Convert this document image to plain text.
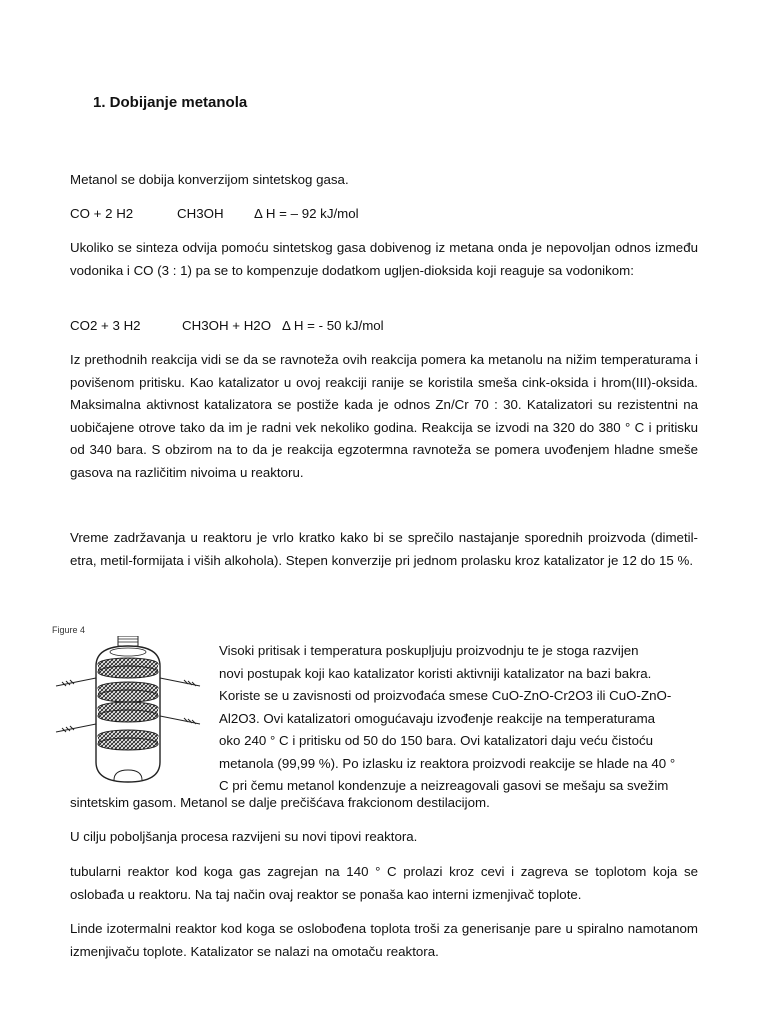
1. Dobijanje metanola

Metanol se dobija konverzijom sintetskog gasa.

CO + 2 H2	CH3OH Δ H = – 92 kJ/mol

Ukoliko se sinteza odvija pomoću sintetskog gasa dobivenog iz metana onda je nepovoljan odnos između vodonika i CO (3 : 1) pa se to kompenzuje dodatkom ugljen-dioksida koji reaguje sa vodonikom:

CO2 + 3 H2	CH3OH + H2O Δ H = - 50 kJ/mol

Iz prethodnih reakcija vidi se da se ravnoteža ovih reakcija pomera ka metanolu na nižim temperaturama i povišenom pritisku. Kao katalizator u ovoj reakciji ranije se koristila smeša cink-oksida i hrom(III)-oksida. Maksimalna aktivnost katalizatora se postiže kada je odnos Zn/Cr 70 : 30. Katalizatori su rezistentni na uobičajene otrove tako da im je radni vek nekoliko godina. Reakcija se izvodi na 320 do 380 ° C i pritisku od 340 bara. S obzirom na to da je reakcija egzotermna ravnoteža se pomera uvođenjem hladne smeše gasova na različitim nivoima u reaktoru.

Vreme zadržavanja u reaktoru je vrlo kratko kako bi se sprečilo nastajanje sporednih proizvoda (dimetil-etra, metil-formijata i viših alkohola). Stepen konverzije pri jednom prolasku kroz katalizator je 12 do 15 %.

Figure 4

Visoki pritisak i temperatura poskupljuju proizvodnju te je stoga razvijen
novi postupak koji kao katalizator koristi aktivniji katalizator na bazi bakra.
Koriste se u zavisnosti od proizvođaća smese CuO-ZnO-Cr2O3 ili CuO-ZnO-
Al2O3. Ovi katalizatori omogućavaju izvođenje reakcije na temperaturama
oko 240 ° C i pritisku od 50 do 150 bara. Ovi katalizatori daju veću čistoću
metanola (99,99 %). Po izlasku iz reaktora proizvodi reakcije se hlade na 40 °
C pri čemu metanol kondenzuje a neizreagovali gasovi se mešaju sa svežim

sintetskim gasom. Metanol se dalje prečišćava frakcionom destilacijom.

U cilju poboljšanja procesa razvijeni su novi tipovi reaktora.

tubularni reaktor kod koga gas zagrejan na 140 ° C prolazi kroz cevi i zagreva se toplotom koja se oslobađa u reaktoru. Na taj način ovaj reaktor se ponaša kao interni izmenjivač toplote.

Linde izotermalni reaktor kod koga se oslobođena toplota troši za generisanje pare u spiralno namotanom izmenjivaču toplote. Katalizator se nalazi na omotaču reaktora.
